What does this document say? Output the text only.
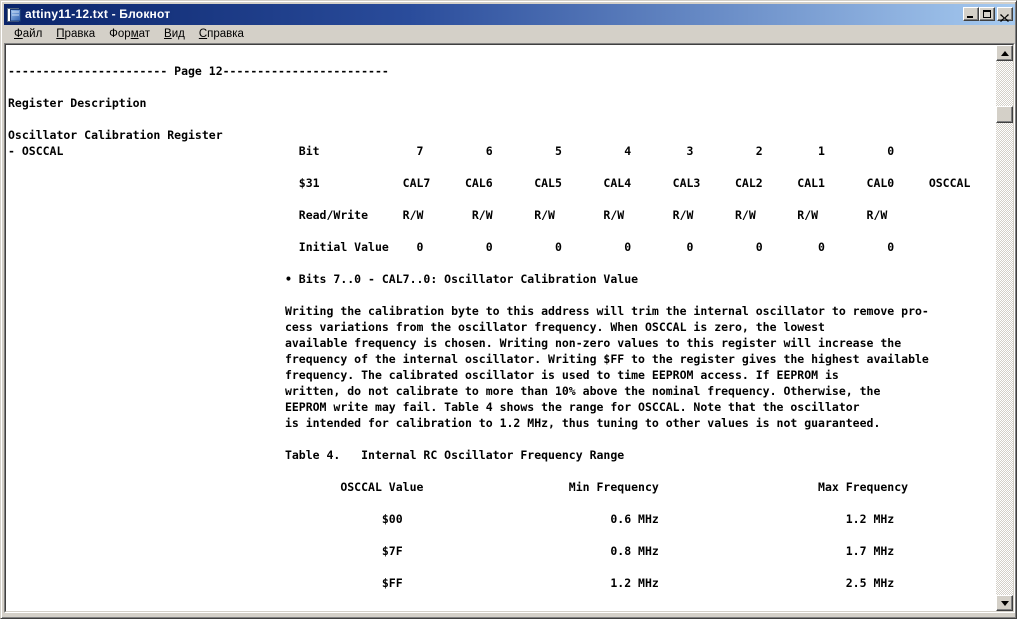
attiny11-12.txt - Блокнот
Файл	Правка	Формат	Вид	Справка
----------------------- Page 12------------------------
Register Description
Oscillator Calibration Register
- OSCCAL                                  Bit              7         6         5         4        3         2        1         0
$31            CAL7     CAL6      CAL5      CAL4      CAL3     CAL2     CAL1      CAL0     OSCCAL
Read/Write     R/W       R/W      R/W       R/W       R/W      R/W      R/W       R/W
Initial Value    0         0         0         0        0         0        0         0
• Bits 7..0 - CAL7..0: Oscillator Calibration Value
Writing the calibration byte to this address will trim the internal oscillator to remove pro-
cess variations from the oscillator frequency. When OSCCAL is zero, the lowest
available frequency is chosen. Writing non-zero values to this register will increase the
frequency of the internal oscillator. Writing $FF to the register gives the highest available
frequency. The calibrated oscillator is used to time EEPROM access. If EEPROM is
written, do not calibrate to more than 10% above the nominal frequency. Otherwise, the
EEPROM write may fail. Table 4 shows the range for OSCCAL. Note that the oscillator
is intended for calibration to 1.2 MHz, thus tuning to other values is not guaranteed.
Table 4.   Internal RC Oscillator Frequency Range
OSCCAL Value                     Min Frequency                       Max Frequency
$00                              0.6 MHz                           1.2 MHz
$7F                              0.8 MHz                           1.7 MHz
$FF                              1.2 MHz                           2.5 MHz
